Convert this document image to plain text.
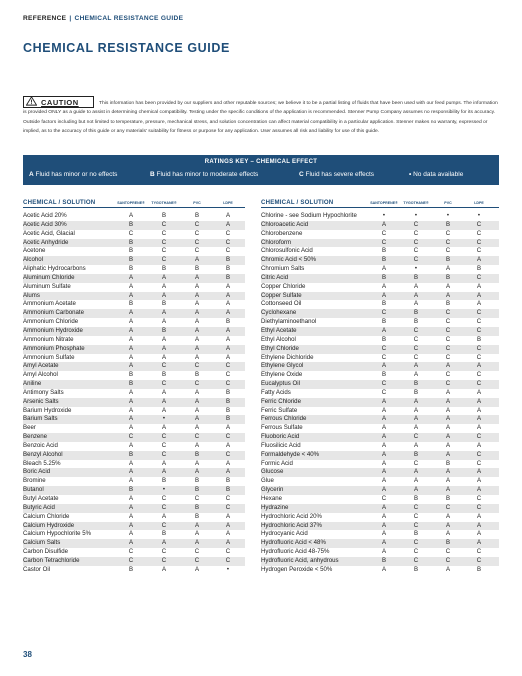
REFERENCE | CHEMICAL RESISTANCE GUIDE
CHEMICAL RESISTANCE GUIDE
This information has been provided by our suppliers and other reputable sources; we believe it to be a partial listing of fluids that have been used with our feed pumps. The information is provided ONLY as a guide to assist in determining chemical compatibility. Testing under the specific conditions of the application is recommended. Stenner Pump Company assumes no responsibility for its accuracy. Outside factors including but not limited to temperature, pressure, mechanical stress, and solution concentration can affect material compatibility in a particular application. Stenner makes no warranty, expressed or implied, as to the accuracy of this guide or any materials' suitability for fitness or purpose for any application. User assumes all risk and liability for use of this guide.
CAUTION
RATINGS KEY – CHEMICAL EFFECT
A Fluid has minor or no effects	B Fluid has minor to moderate effects	C Fluid has severe effects	• No data available
CHEMICAL / SOLUTION	SANTOPRENE®	TYGOTHANE®	PVC	LDPE
Acetic Acid 20%	A	B	B	A
Acetic Acid 30%	B	C	C	A
Acetic Acid, Glacial	C	C	C	C
Acetic Anhydride	B	C	C	C
Acetone	B	C	C	C
Alcohol	B	C	A	B
Aliphatic Hydrocarbons	B	B	B	B
Aluminum Chloride	A	A	A	B
Aluminum Sulfate	A	A	A	A
Alums	A	A	A	A
Ammonium Acetate	B	B	A	A
Ammonium Carbonate	A	A	A	A
Ammonium Chloride	A	A	A	B
Ammonium Hydroxide	A	B	A	A
Ammonium Nitrate	A	A	A	A
Ammonium Phosphate	A	A	A	A
Ammonium Sulfate	A	A	A	A
Amyl Acetate	A	C	C	C
Amyl Alcohol	B	B	B	C
Aniline	B	C	C	C
Antimony Salts	A	A	A	B
Arsenic Salts	A	A	A	B
Barium Hydroxide	A	A	A	B
Barium Salts	A	•	A	B
Beer	A	A	A	A
Benzene	C	C	C	C
Benzoic Acid	A	C	A	A
Benzyl Alcohol	B	C	B	C
Bleach 5.25%	A	A	A	A
Boric Acid	A	A	A	A
Bromine	A	B	B	B
Butanol	B	•	B	B
Butyl Acetate	A	C	C	C
Butyric Acid	A	C	B	C
Calcium Chloride	A	A	B	A
Calcium Hydroxide	A	C	A	A
Calcium Hypochlorite 5%	A	B	A	A
Calcium Salts	A	A	A	A
Carbon Disulfide	C	C	C	C
Carbon Tetrachloride	C	C	C	C
Castor Oil	B	A	A	•
CHEMICAL / SOLUTION	SANTOPRENE®	TYGOTHANE®	PVC	LDPE
Chlorine - see Sodium Hypochlorite	•	•	•	•
Chloroacetic Acid	A	C	B	C
Chlorobenzene	C	C	C	C
Chloroform	C	C	C	C
Chlorosulfonic Acid	B	C	C	C
Chromic Acid < 50%	B	C	B	A
Chromium Salts	A	•	A	B
Citric Acid	B	B	B	C
Copper Chloride	A	A	A	A
Copper Sulfate	A	A	A	A
Cottonseed Oil	B	A	B	A
Cyclohexane	C	B	C	C
Diethylaminoethanol	B	B	C	C
Ethyl Acetate	A	C	C	C
Ethyl Alcohol	B	C	C	B
Ethyl Chloride	C	C	C	C
Ethylene Dichloride	C	C	C	C
Ethylene Glycol	A	A	A	A
Ethylene Oxide	B	A	C	C
Eucalyptus Oil	C	B	C	C
Fatty Acids	C	B	A	A
Ferric Chloride	A	A	A	A
Ferric Sulfate	A	A	A	A
Ferrous Chloride	A	A	A	A
Ferrous Sulfate	A	A	A	A
Fluoboric Acid	A	C	A	C
Fluosilicic Acid	A	A	A	A
Formaldehyde < 40%	A	B	A	C
Formic Acid	A	C	B	C
Glucose	A	A	A	A
Glue	A	A	A	A
Glycerin	A	A	A	A
Hexane	C	B	B	C
Hydrazine	A	C	C	C
Hydrochloric Acid 20%	A	C	A	A
Hydrochloric Acid 37%	A	C	A	A
Hydrocyanic Acid	A	B	A	A
Hydrofluoric Acid < 48%	A	C	B	A
Hydrofluoric Acid 48-75%	A	C	C	C
Hydrofluoric Acid, anhydrous	B	C	C	C
Hydrogen Peroxide < 50%	A	B	A	B
38
